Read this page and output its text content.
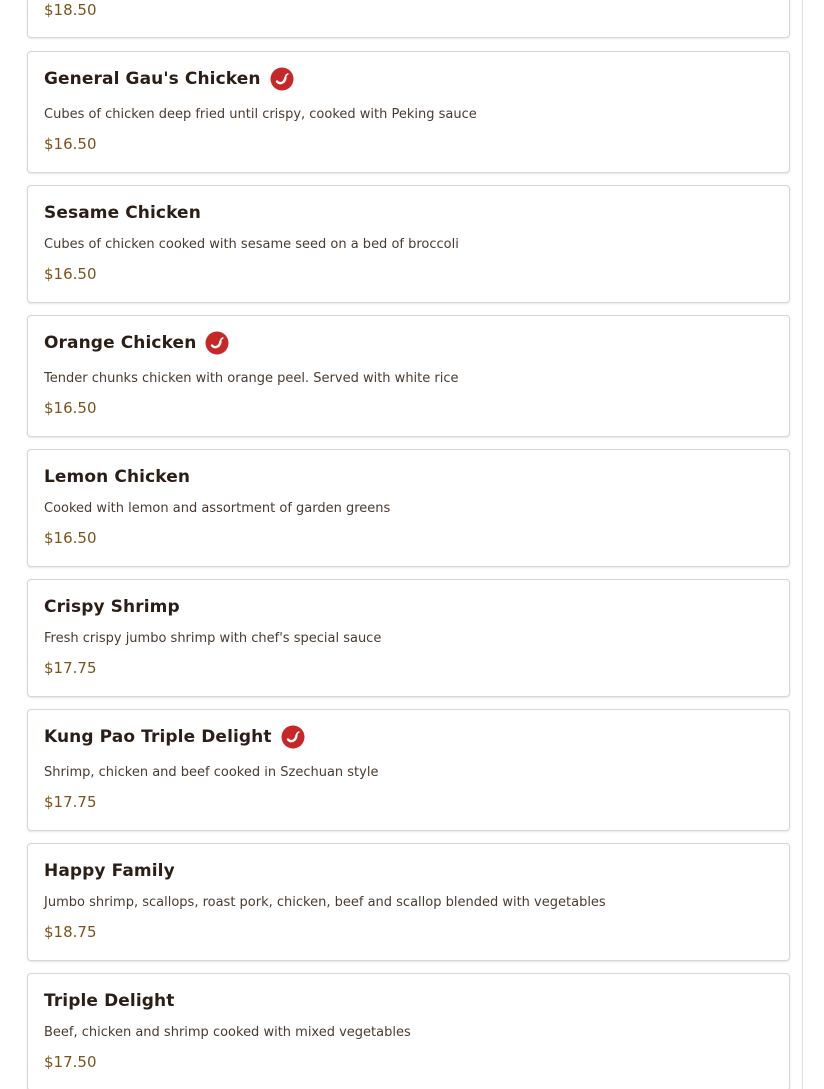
$18.50
General Gau's Chicken
Cubes of chicken deep fried until crispy, cooked with Peking sauce
$16.50
Sesame Chicken
Cubes of chicken cooked with sesame seed on a bed of broccoli
$16.50
Orange Chicken
Tender chunks chicken with orange peel. Served with white rice
$16.50
Lemon Chicken
Cooked with lemon and assortment of garden greens
$16.50
Crispy Shrimp
Fresh crispy jumbo shrimp with chef's special sauce
$17.75
Kung Pao Triple Delight
Shrimp, chicken and beef cooked in Szechuan style
$17.75
Happy Family
Jumbo shrimp, scallops, roast pork, chicken, beef and scallop blended with vegetables
$18.75
Triple Delight
Beef, chicken and shrimp cooked with mixed vegetables
$17.50
